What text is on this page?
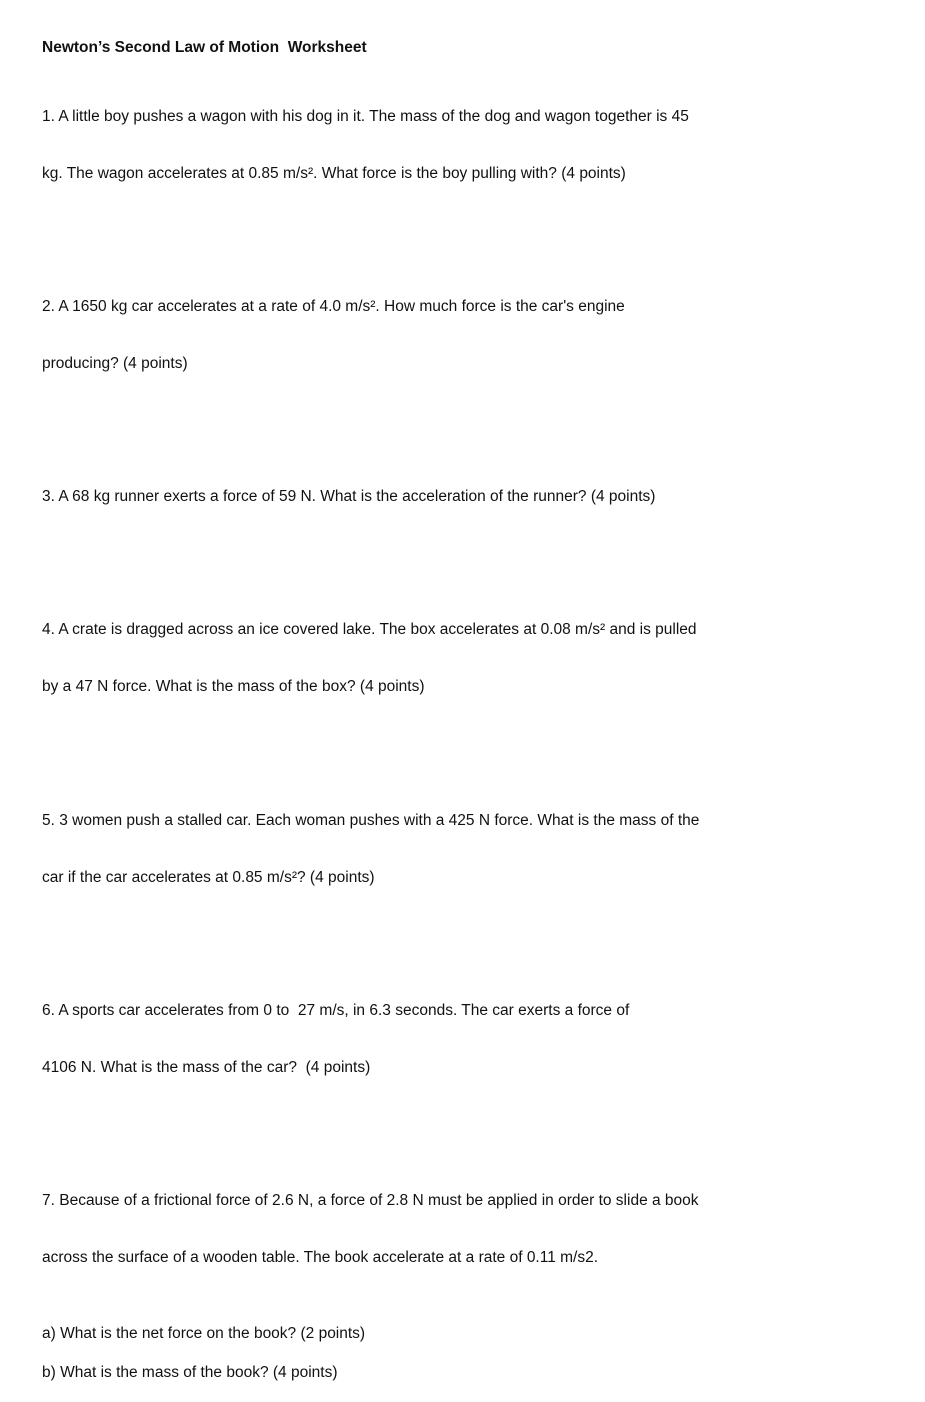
Newton’s Second Law of Motion  Worksheet

1. A little boy pushes a wagon with his dog in it. The mass of the dog and wagon together is 45

kg. The wagon accelerates at 0.85 m/s². What force is the boy pulling with? (4 points)

2. A 1650 kg car accelerates at a rate of 4.0 m/s². How much force is the car's engine

producing? (4 points)

3. A 68 kg runner exerts a force of 59 N. What is the acceleration of the runner? (4 points)

4. A crate is dragged across an ice covered lake. The box accelerates at 0.08 m/s² and is pulled

by a 47 N force. What is the mass of the box? (4 points)

5. 3 women push a stalled car. Each woman pushes with a 425 N force. What is the mass of the

car if the car accelerates at 0.85 m/s²? (4 points)

6. A sports car accelerates from 0 to  27 m/s, in 6.3 seconds. The car exerts a force of

4106 N. What is the mass of the car?  (4 points)

7. Because of a frictional force of 2.6 N, a force of 2.8 N must be applied in order to slide a book

across the surface of a wooden table. The book accelerate at a rate of 0.11 m/s2.

a) What is the net force on the book? (2 points)
b) What is the mass of the book? (4 points)
